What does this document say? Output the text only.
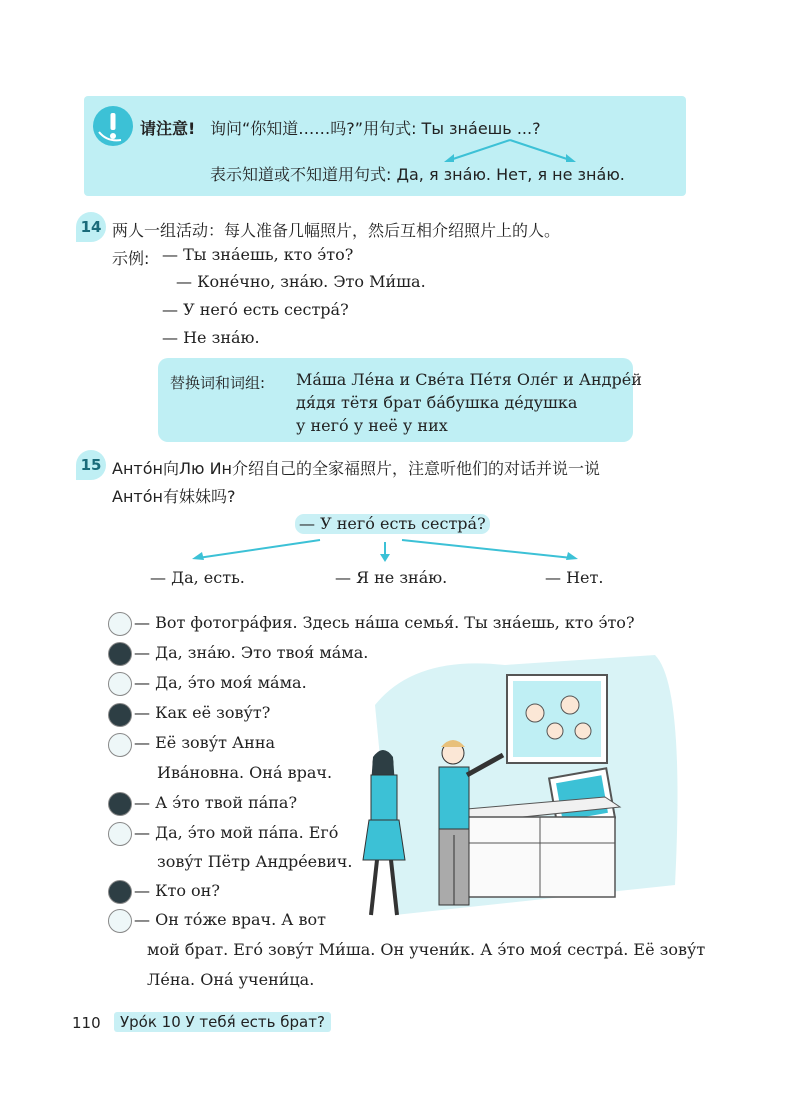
请注意! 询问“你知道……吗?”用句式: Ты зна́ешь ...?
表示知道或不知道用句式: Да, я зна́ю. Нет, я не зна́ю.
14 两人一组活动：每人准备几幅照片，然后互相介绍照片上的人。
示例: — Ты зна́ешь, кто э́то?
— Коне́чно, зна́ю. Это Ми́ша.
— У него́ есть сестра́?
— Не зна́ю.
替换词和词组: Ма́ша Ле́на и Све́та Пе́тя Оле́г и Андре́й
дя́дя тётя брат ба́бушка де́душка
у него́ у неё у них
15 Анто́н向Лю Ин介绍自己的全家福照片，注意听他们的对话并说一说
Анто́н有妹妹吗?
— У него́ есть сестра́?
— Да, есть.	— Я не зна́ю.	— Нет.
— Вот фотогра́фия. Здесь на́ша семья́. Ты зна́ешь, кто э́то?
— Да, зна́ю. Это твоя́ ма́ма.
— Да, э́то моя́ ма́ма.
— Как её зову́т?
— Её зову́т Анна
Ива́новна. Она́ врач.
— А э́то твой па́па?
— Да, э́то мой па́па. Его́
зову́т Пётр Андре́евич.
— Кто он?
— Он то́же врач. А вот
мой брат. Его́ зову́т Ми́ша. Он учени́к. А э́то моя́ сестра́. Её зову́т
Ле́на. Она́ учени́ца.
110	Уро́к 10 У тебя́ есть брат?
